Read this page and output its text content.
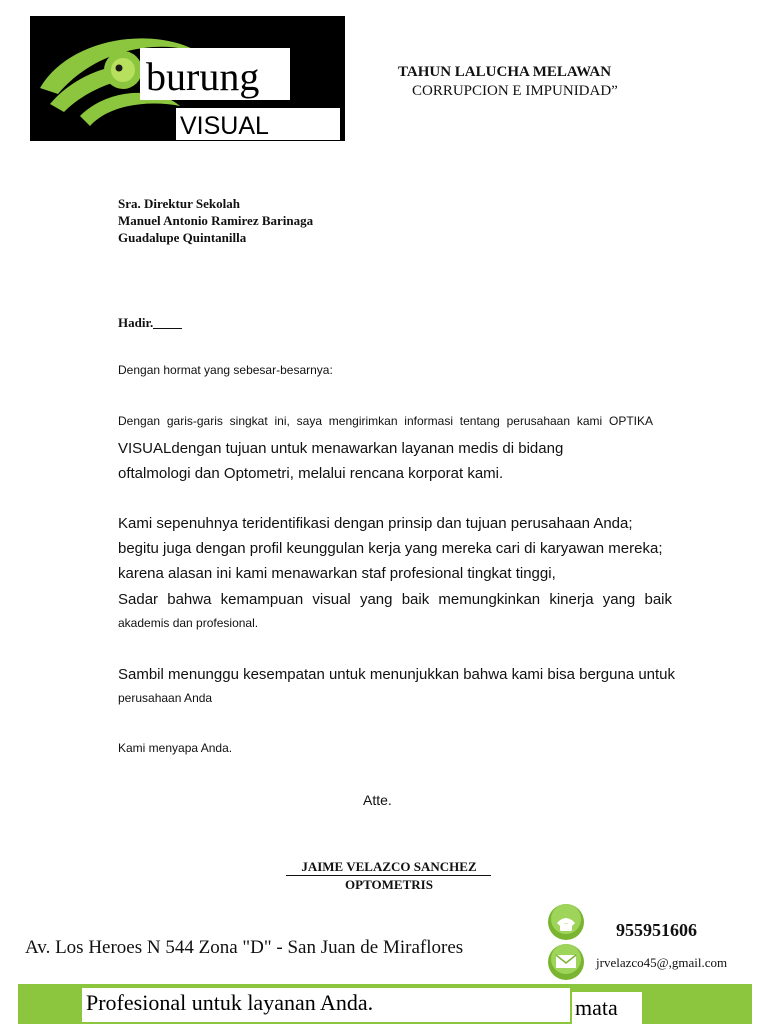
burung
VISUAL
TAHUN LALUCHA MELAWAN
CORRUPCION E IMPUNIDAD”
Sra. Direktur Sekolah
Manuel Antonio Ramirez Barinaga
Guadalupe Quintanilla
Hadir.
Dengan hormat yang sebesar-besarnya:
Dengan garis-garis singkat ini, saya mengirimkan informasi tentang perusahaan kami OPTIKA
VISUALdengan tujuan untuk menawarkan layanan medis di bidang
oftalmologi dan Optometri, melalui rencana korporat kami.
Kami sepenuhnya teridentifikasi dengan prinsip dan tujuan perusahaan Anda;
begitu juga dengan profil keunggulan kerja yang mereka cari di karyawan mereka;
karena alasan ini kami menawarkan staf profesional tingkat tinggi,
Sadar bahwa kemampuan visual yang baik memungkinkan kinerja yang baik
akademis dan profesional.
Sambil menunggu kesempatan untuk menunjukkan bahwa kami bisa berguna untuk
perusahaan Anda
Kami menyapa Anda.
Atte.
JAIME VELAZCO SANCHEZ
OPTOMETRIS
Av. Los Heroes N 544 Zona "D" - San Juan de Miraflores
955951606
jrvelazco45@,gmail.com
Profesional untuk layanan Anda.	mata
